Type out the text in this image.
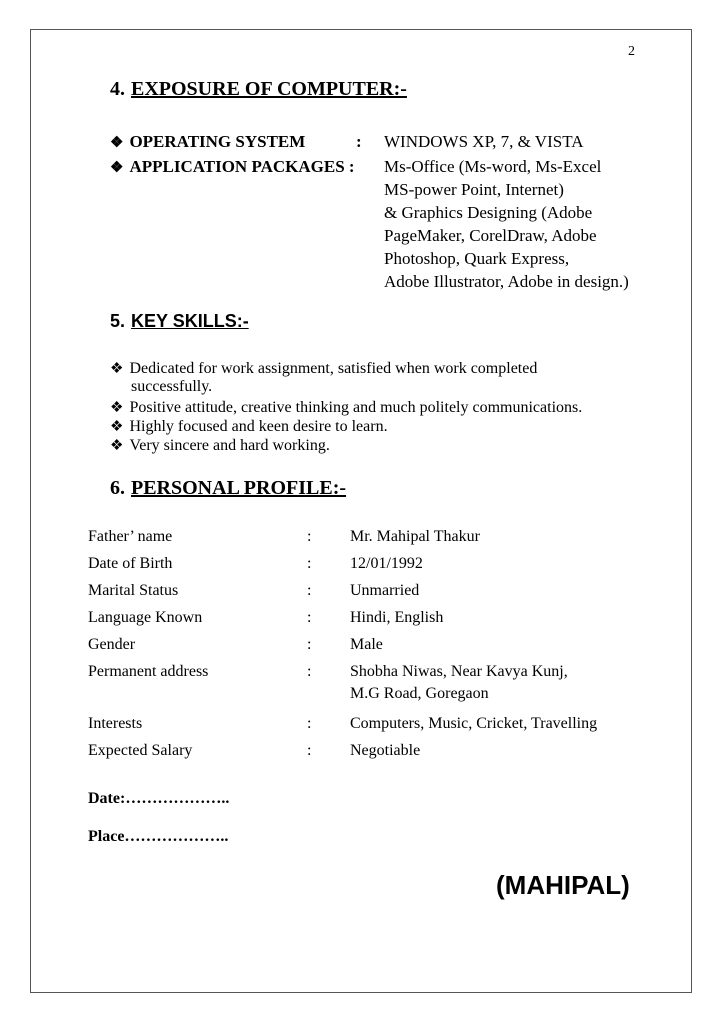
2
4. EXPOSURE OF COMPUTER:-
❖ OPERATING SYSTEM	: WINDOWS XP, 7, & VISTA
❖ APPLICATION PACKAGES : Ms-Office (Ms-word, Ms-Excel
MS-power Point, Internet)
& Graphics Designing (Adobe
PageMaker, CorelDraw, Adobe
Photoshop, Quark Express,
Adobe Illustrator, Adobe in design.)
5. KEY SKILLS:-
❖ Dedicated for work assignment, satisfied when work completed
successfully.
❖ Positive attitude, creative thinking and much politely communications.
❖ Highly focused and keen desire to learn.
❖ Very sincere and hard working.
6. PERSONAL PROFILE:-
Father’ name	: Mr. Mahipal Thakur
Date of Birth	: 12/01/1992
Marital Status	: Unmarried
Language Known	: Hindi, English
Gender	: Male
Permanent address	: Shobha Niwas, Near Kavya Kunj,
M.G Road, Goregaon
Interests	: Computers, Music, Cricket, Travelling
Expected Salary	: Negotiable
Date:………………..
Place………………..
(MAHIPAL)
